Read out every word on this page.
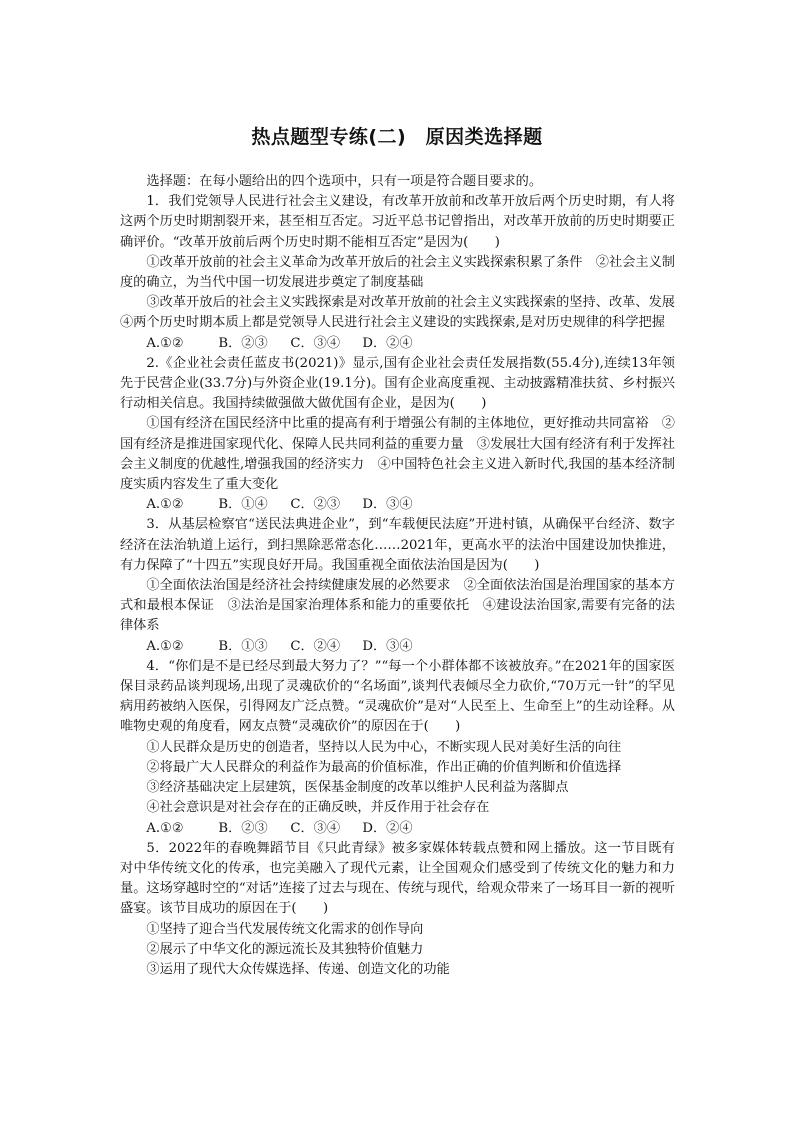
热点题型专练(二)　原因类选择题

选择题：在每小题给出的四个选项中，只有一项是符合题目要求的。

1．我们党领导人民进行社会主义建设，有改革开放前和改革开放后两个历史时期，有人将这两个历史时期割裂开来，甚至相互否定。习近平总书记曾指出，对改革开放前的历史时期要正确评价。“改革开放前后两个历史时期不能相互否定”是因为(　　)

①改革开放前的社会主义革命为改革开放后的社会主义实践探索积累了条件　②社会主义制度的确立，为当代中国一切发展进步奠定了制度基础

③改革开放后的社会主义实践探索是对改革开放前的社会主义实践探索的坚持、改革、发展　④两个历史时期本质上都是党领导人民进行社会主义建设的实践探索,是对历史规律的科学把握

A.①②	B．②③ C．③④ D．②④

2.《企业社会责任蓝皮书(2021)》显示,国有企业社会责任发展指数(55.4分),连续13年领先于民营企业(33.7分)与外资企业(19.1分)。国有企业高度重视、主动披露精准扶贫、乡村振兴行动相关信息。我国持续做强做大做优国有企业，是因为(　　)

①国有经济在国民经济中比重的提高有利于增强公有制的主体地位，更好推动共同富裕　②国有经济是推进国家现代化、保障人民共同利益的重要力量　③发展壮大国有经济有利于发挥社会主义制度的优越性,增强我国的经济实力　④中国特色社会主义进入新时代,我国的基本经济制度实质内容发生了重大变化

A.①②	B．①④ C．②③ D．③④

3．从基层检察官“送民法典进企业”，到“车载便民法庭”开进村镇，从确保平台经济、数字经济在法治轨道上运行，到扫黑除恶常态化……2021年，更高水平的法治中国建设加快推进，有力保障了“十四五”实现良好开局。我国重视全面依法治国是因为(　　)

①全面依法治国是经济社会持续健康发展的必然要求　②全面依法治国是治理国家的基本方式和最根本保证　③法治是国家治理体系和能力的重要依托　④建设法治国家,需要有完备的法律体系

A.①②	B．①③ C．②④ D．③④

4．“你们是不是已经尽到最大努力了？”“每一个小群体都不该被放弃。”在2021年的国家医保目录药品谈判现场,出现了灵魂砍价的“名场面”,谈判代表倾尽全力砍价,“70万元一针”的罕见病用药被纳入医保，引得网友广泛点赞。“灵魂砍价”是对“人民至上、生命至上”的生动诠释。从唯物史观的角度看，网友点赞“灵魂砍价”的原因在于(　　)

①人民群众是历史的创造者，坚持以人民为中心，不断实现人民对美好生活的向往

②将最广大人民群众的利益作为最高的价值标准，作出正确的价值判断和价值选择

③经济基础决定上层建筑，医保基金制度的改革以维护人民利益为落脚点

④社会意识是对社会存在的正确反映，并反作用于社会存在

A.①②	B．②③ C．③④ D．②④

5．2022年的春晚舞蹈节目《只此青绿》被多家媒体转载点赞和网上播放。这一节目既有对中华传统文化的传承，也完美融入了现代元素，让全国观众们感受到了传统文化的魅力和力量。这场穿越时空的“对话”连接了过去与现在、传统与现代，给观众带来了一场耳目一新的视听盛宴。该节目成功的原因在于(　　)

①坚持了迎合当代发展传统文化需求的创作导向

②展示了中华文化的源远流长及其独特价值魅力

③运用了现代大众传媒选择、传递、创造文化的功能
